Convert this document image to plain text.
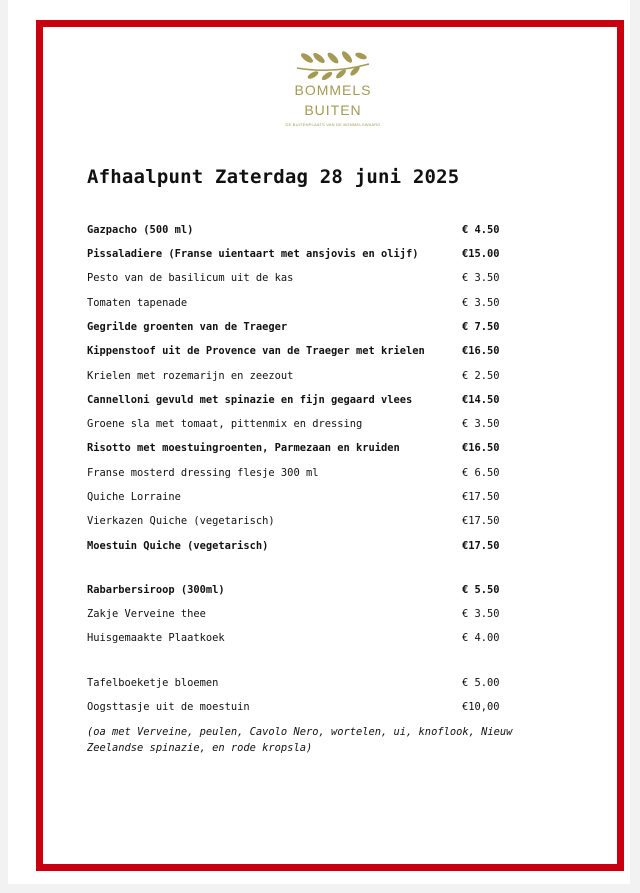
BOMMELS
BUITEN
DE BUITENPLAATS VAN DE BOMMELSWAARD
Afhaalpunt Zaterdag 28 juni 2025
Gazpacho (500 ml)	€ 4.50
Pissaladiere (Franse uientaart met ansjovis en olijf)	€15.00
Pesto van de basilicum uit de kas	€ 3.50
Tomaten tapenade	€ 3.50
Gegrilde groenten van de Traeger	€ 7.50
Kippenstoof uit de Provence van de Traeger met krielen	€16.50
Krielen met rozemarijn en zeezout	€ 2.50
Cannelloni gevuld met spinazie en fijn gegaard vlees	€14.50
Groene sla met tomaat, pittenmix en dressing	€ 3.50
Risotto met moestuingroenten, Parmezaan en kruiden	€16.50
Franse mosterd dressing flesje 300 ml	€ 6.50
Quiche Lorraine	€17.50
Vierkazen Quiche (vegetarisch)	€17.50
Moestuin Quiche (vegetarisch)	€17.50
Rabarbersiroop (300ml)	€ 5.50
Zakje Verveine thee	€ 3.50
Huisgemaakte Plaatkoek	€ 4.00
Tafelboeketje bloemen	€ 5.00
Oogsttasje uit de moestuin	€10,00
(oa met Verveine, peulen, Cavolo Nero, wortelen, ui, knoflook, Nieuw Zeelandse spinazie, en rode kropsla)
